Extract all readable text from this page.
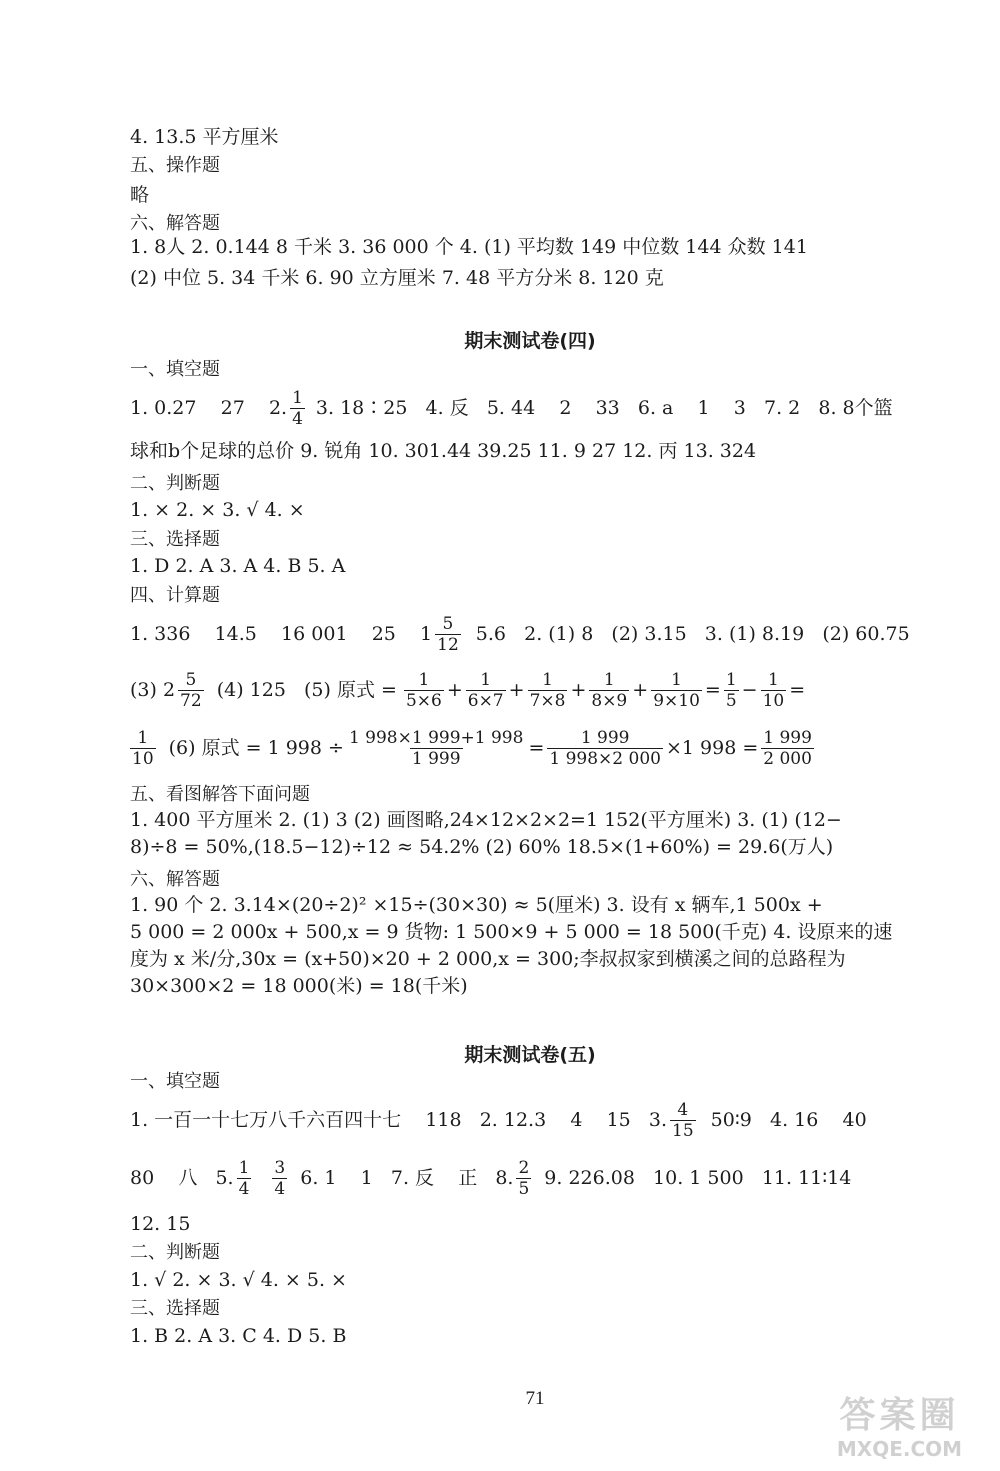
4. 13.5 平方厘米
五、操作题
略
六、解答题
1. 8人 2. 0.144 8 千米 3. 36 000 个 4. (1) 平均数 149 中位数 144 众数 141
(2) 中位 5. 34 千米 6. 90 立方厘米 7. 48 平方分米 8. 120 克
期末测试卷(四)
一、填空题
1. 0.27    27    2. $\frac{1}{4} 3$. 18∶25   4. 反   5. 44    2    33   6. a    1    3   7. 2   8. 8个篮
球和b个足球的总价 9. 锐角 10. 301.44 39.25 11. 9 27 12. 丙 13. 324
二、判断题
1. × 2. × 3. √ 4. ×
三、选择题
1. D 2. A 3. A 4. B 5. A
四、计算题
1. 336    14.5    16 001    25    $1 \frac{5}{12} 5.6$   2. (1) 8   (2) 3.15   3. (1) 8.19   (2) 60.75
(3) $2 \frac{5}{72} (4)$ 125   (5) 原式 = $\frac{1}{5\times 6} + \frac{1}{6\times 7} + \frac{1}{7\times 8} + \frac{1}{8\times 9} + \frac{1}{9\times 10} = \frac{1}{5} - \frac{1}{10}$ =
$\frac{1}{10} (6)$ 原式 = 1 $998 \div \frac{1 998\times 1 999+1 998}{1 999} = \frac{1 999}{1 998\times 2 000} \times 1$ $998 = \frac{1 999}{2 000}$
五、看图解答下面问题
1. 400 平方厘米 2. (1) 3 (2) 画图略,24×12×2×2=1 152(平方厘米) 3. (1) (12−
8)÷8 = 50%,(18.5−12)÷12 ≈ 54.2% (2) 60% 18.5×(1+60%) = 29.6(万人)
六、解答题
1. 90 个 2. 3.14×(20÷2)² ×15÷(30×30) ≈ 5(厘米) 3. 设有 x 辆车,1 500x +
5 000 = 2 000x + 500,x = 9 货物: 1 500×9 + 5 000 = 18 500(千克) 4. 设原来的速
度为 x 米/分,30x = (x+50)×20 + 2 000,x = 300;李叔叔家到横溪之间的总路程为
30×300×2 = 18 000(米) = 18(千米)
期末测试卷(五)
一、填空题
1. 一百一十七万八千六百四十七    118   2. 12.3    4    15   3. $\frac{4}{15}$ 50∶9   4. 16    40
80    八   5. $\frac{1}{4} \frac{3}{4} 6$. 1    1   7. 反    正   8. $\frac{2}{5} 9$. 226.08   10. 1 500   11. 11∶14
12. 15
二、判断题
1. √ 2. × 3. √ 4. × 5. ×
三、选择题
1. B 2. A 3. C 4. D 5. B
71	答案圈
MXQE.COM
